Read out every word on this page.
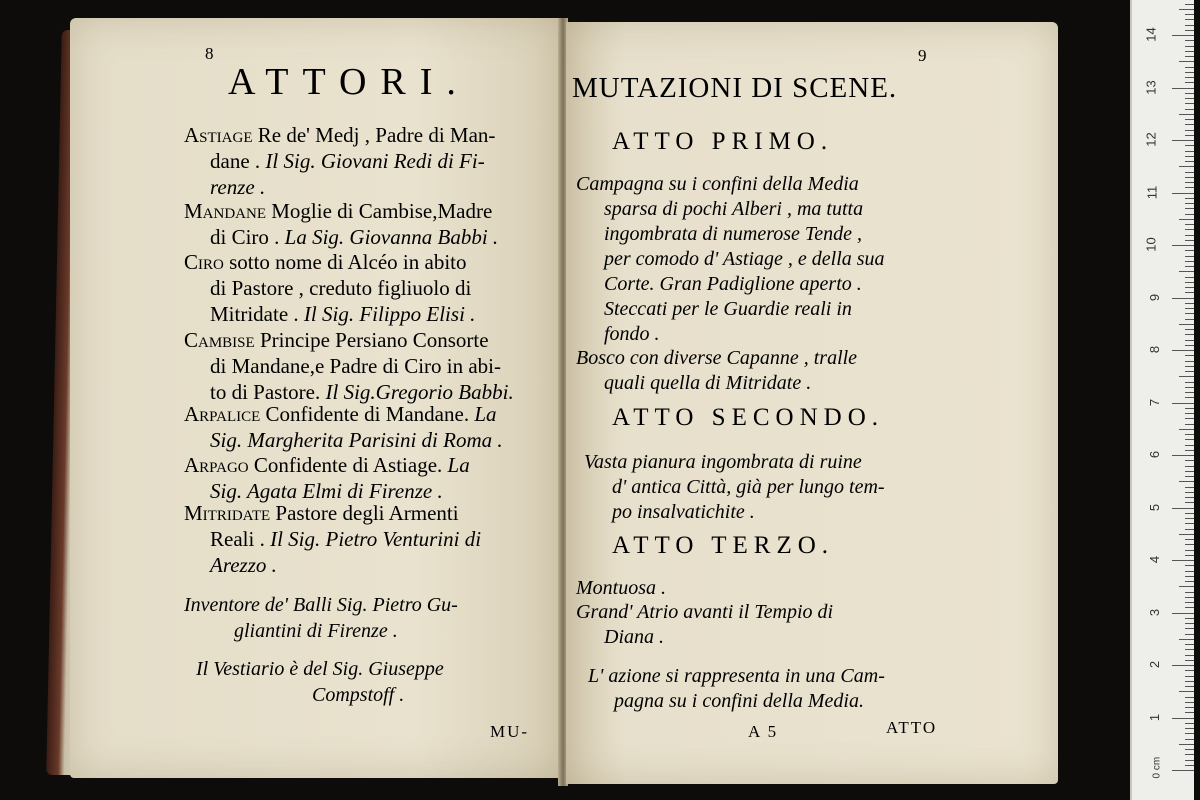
8
ATTORI.
Astiage Re de' Medj , Padre di Man-
dane . Il Sig. Giovani Redi di Fi-
renze .
Mandane Moglie di Cambise,Madre
di Ciro . La Sig. Giovanna Babbi .
Ciro sotto nome di Alcéo in abito
di Pastore , creduto figliuolo di
Mitridate . Il Sig. Filippo Elisi .
Cambise Principe Persiano Consorte
di Mandane,e Padre di Ciro in abi-
to di Pastore. Il Sig.Gregorio Babbi.
Arpalice Confidente di Mandane. La
Sig. Margherita Parisini di Roma .
Arpago Confidente di Astiage. La
Sig. Agata Elmi di Firenze .
Mitridate Pastore degli Armenti
Reali . Il Sig. Pietro Venturini di
Arezzo .
Inventore de' Balli Sig. Pietro Gu-
gliantini di Firenze .
Il Vestiario è del Sig. Giuseppe
Compstoff .
MU-
9
MUTAZIONI DI SCENE.
ATTO PRIMO.
Campagna su i confini della Media
sparsa di pochi Alberi , ma tutta
ingombrata di numerose Tende ,
per comodo d' Astiage , e della sua
Corte. Gran Padiglione aperto .
Steccati per le Guardie reali in
fondo .
Bosco con diverse Capanne , tralle
quali quella di Mitridate .
ATTO SECONDO.
Vasta pianura ingombrata di ruine
d' antica Città, già per lungo tem-
po insalvatichite .
ATTO TERZO.
Montuosa .
Grand' Atrio avanti il Tempio di
Diana .
L' azione si rappresenta in una Cam-
pagna su i confini della Media.
A 5	ATTO
1
2
3
4
5
6
7
8
9
10
11
12
13
14
0 cm
